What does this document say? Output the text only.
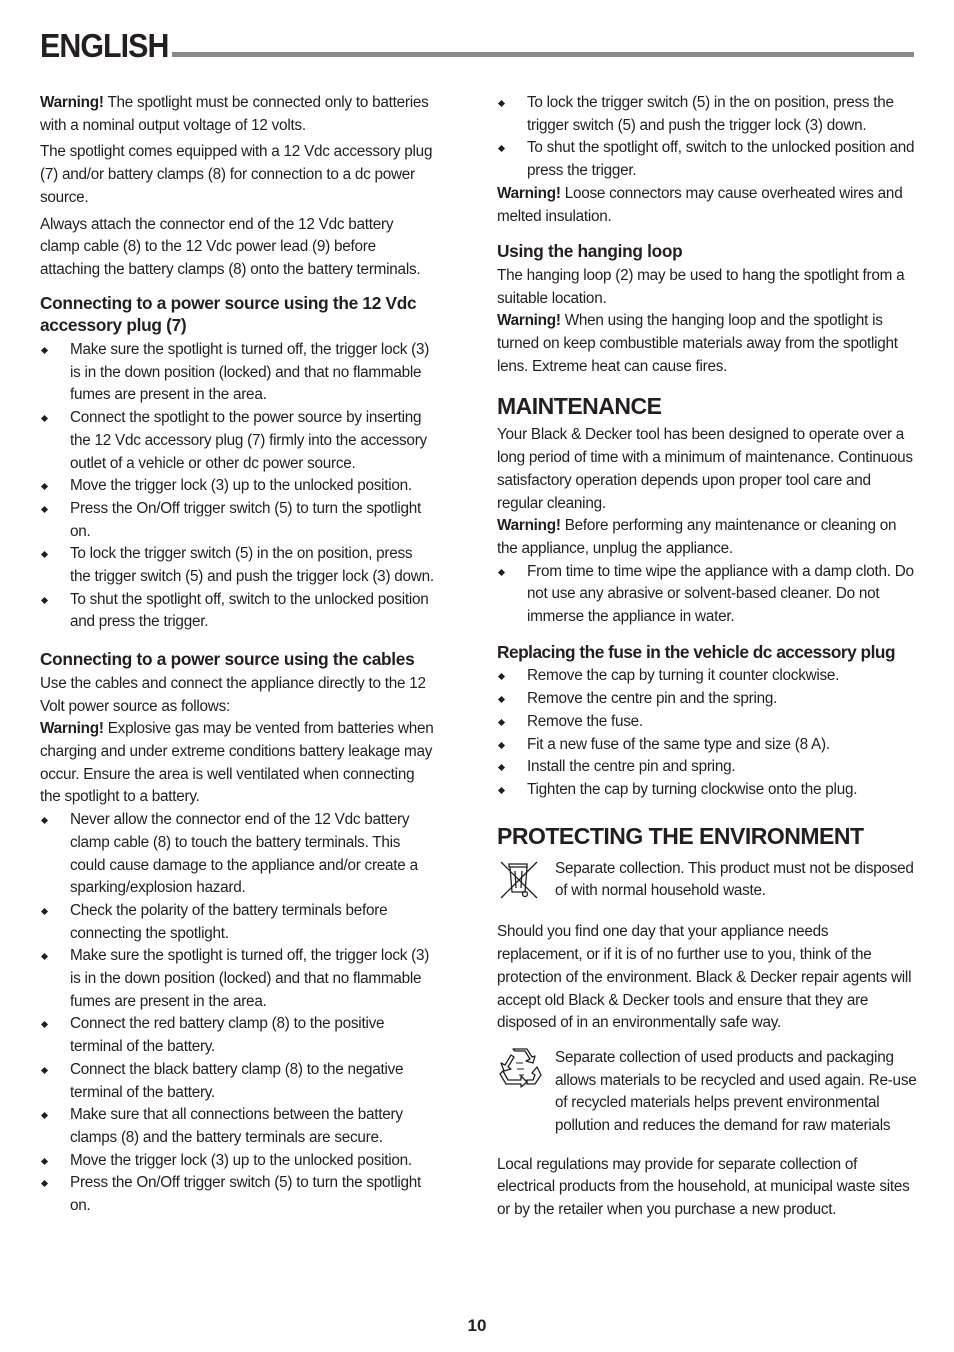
ENGLISH

Warning! The spotlight must be connected only to batteries with a nominal output voltage of 12 volts.

The spotlight comes equipped with a 12 Vdc accessory plug (7) and/or battery clamps (8) for connection to a dc power source.

Always attach the connector end of the 12 Vdc battery clamp cable (8) to the 12 Vdc power lead (9) before attaching the battery clamps (8) onto the battery terminals.

Connecting to a power source using the 12 Vdc accessory plug (7)
Make sure the spotlight is turned off, the trigger lock (3) is in the down position (locked) and that no flammable fumes are present in the area.
Connect the spotlight to the power source by inserting the 12 Vdc accessory plug (7) firmly into the accessory outlet of a vehicle or other dc power source.
Move the trigger lock (3) up to the unlocked position.
Press the On/Off trigger switch (5) to turn the spotlight on.
To lock the trigger switch (5) in the on position, press the trigger switch (5) and push the trigger lock (3) down.
To shut the spotlight off, switch to the unlocked position and press the trigger.
Connecting to a power source using the cables

Use the cables and connect the appliance directly to the 12 Volt power source as follows:

Warning! Explosive gas may be vented from batteries when charging and under extreme conditions battery leakage may occur. Ensure the area is well ventilated when connecting the spotlight to a battery.

Never allow the connector end of the 12 Vdc battery clamp cable (8) to touch the battery terminals. This could cause damage to the appliance and/or create a sparking/explosion hazard.
Check the polarity of the battery terminals before connecting the spotlight.
Make sure the spotlight is turned off, the trigger lock (3) is in the down position (locked) and that no flammable fumes are present in the area.
Connect the red battery clamp (8) to the positive terminal of the battery.
Connect the black battery clamp (8) to the negative terminal of the battery.
Make sure that all connections between the battery clamps (8) and the battery terminals are secure.
Move the trigger lock (3) up to the unlocked position.
Press the On/Off trigger switch (5) to turn the spotlight on.
To lock the trigger switch (5) in the on position, press the trigger switch (5) and push the trigger lock (3) down.
To shut the spotlight off, switch to the unlocked position and press the trigger.

Warning! Loose connectors may cause overheated wires and melted insulation.

Using the hanging loop

The hanging loop (2) may be used to hang the spotlight from a suitable location.

Warning! When using the hanging loop and the spotlight is turned on keep combustible materials away from the spotlight lens. Extreme heat can cause fires.

MAINTENANCE

Your Black & Decker tool has been designed to operate over a long period of time with a minimum of maintenance. Continuous satisfactory operation depends upon proper tool care and regular cleaning.

Warning! Before performing any maintenance or cleaning on the appliance, unplug the appliance.

From time to time wipe the appliance with a damp cloth. Do not use any abrasive or solvent-based cleaner. Do not immerse the appliance in water.
Replacing the fuse in the vehicle dc accessory plug
Remove the cap by turning it counter clockwise.
Remove the centre pin and the spring.
Remove the fuse.
Fit a new fuse of the same type and size (8 A).
Install the centre pin and spring.
Tighten the cap by turning clockwise onto the plug.
PROTECTING THE ENVIRONMENT
Separate collection. This product must not be disposed of with normal household waste.

Should you find one day that your appliance needs replacement, or if it is of no further use to you, think of the protection of the environment. Black & Decker repair agents will accept old Black & Decker tools and ensure that they are disposed of in an environmentally safe way.

Separate collection of used products and packaging allows materials to be recycled and used again. Re-use of recycled materials helps prevent environmental pollution and reduces the demand for raw materials

Local regulations may provide for separate collection of electrical products from the household, at municipal waste sites or by the retailer when you purchase a new product.

10
